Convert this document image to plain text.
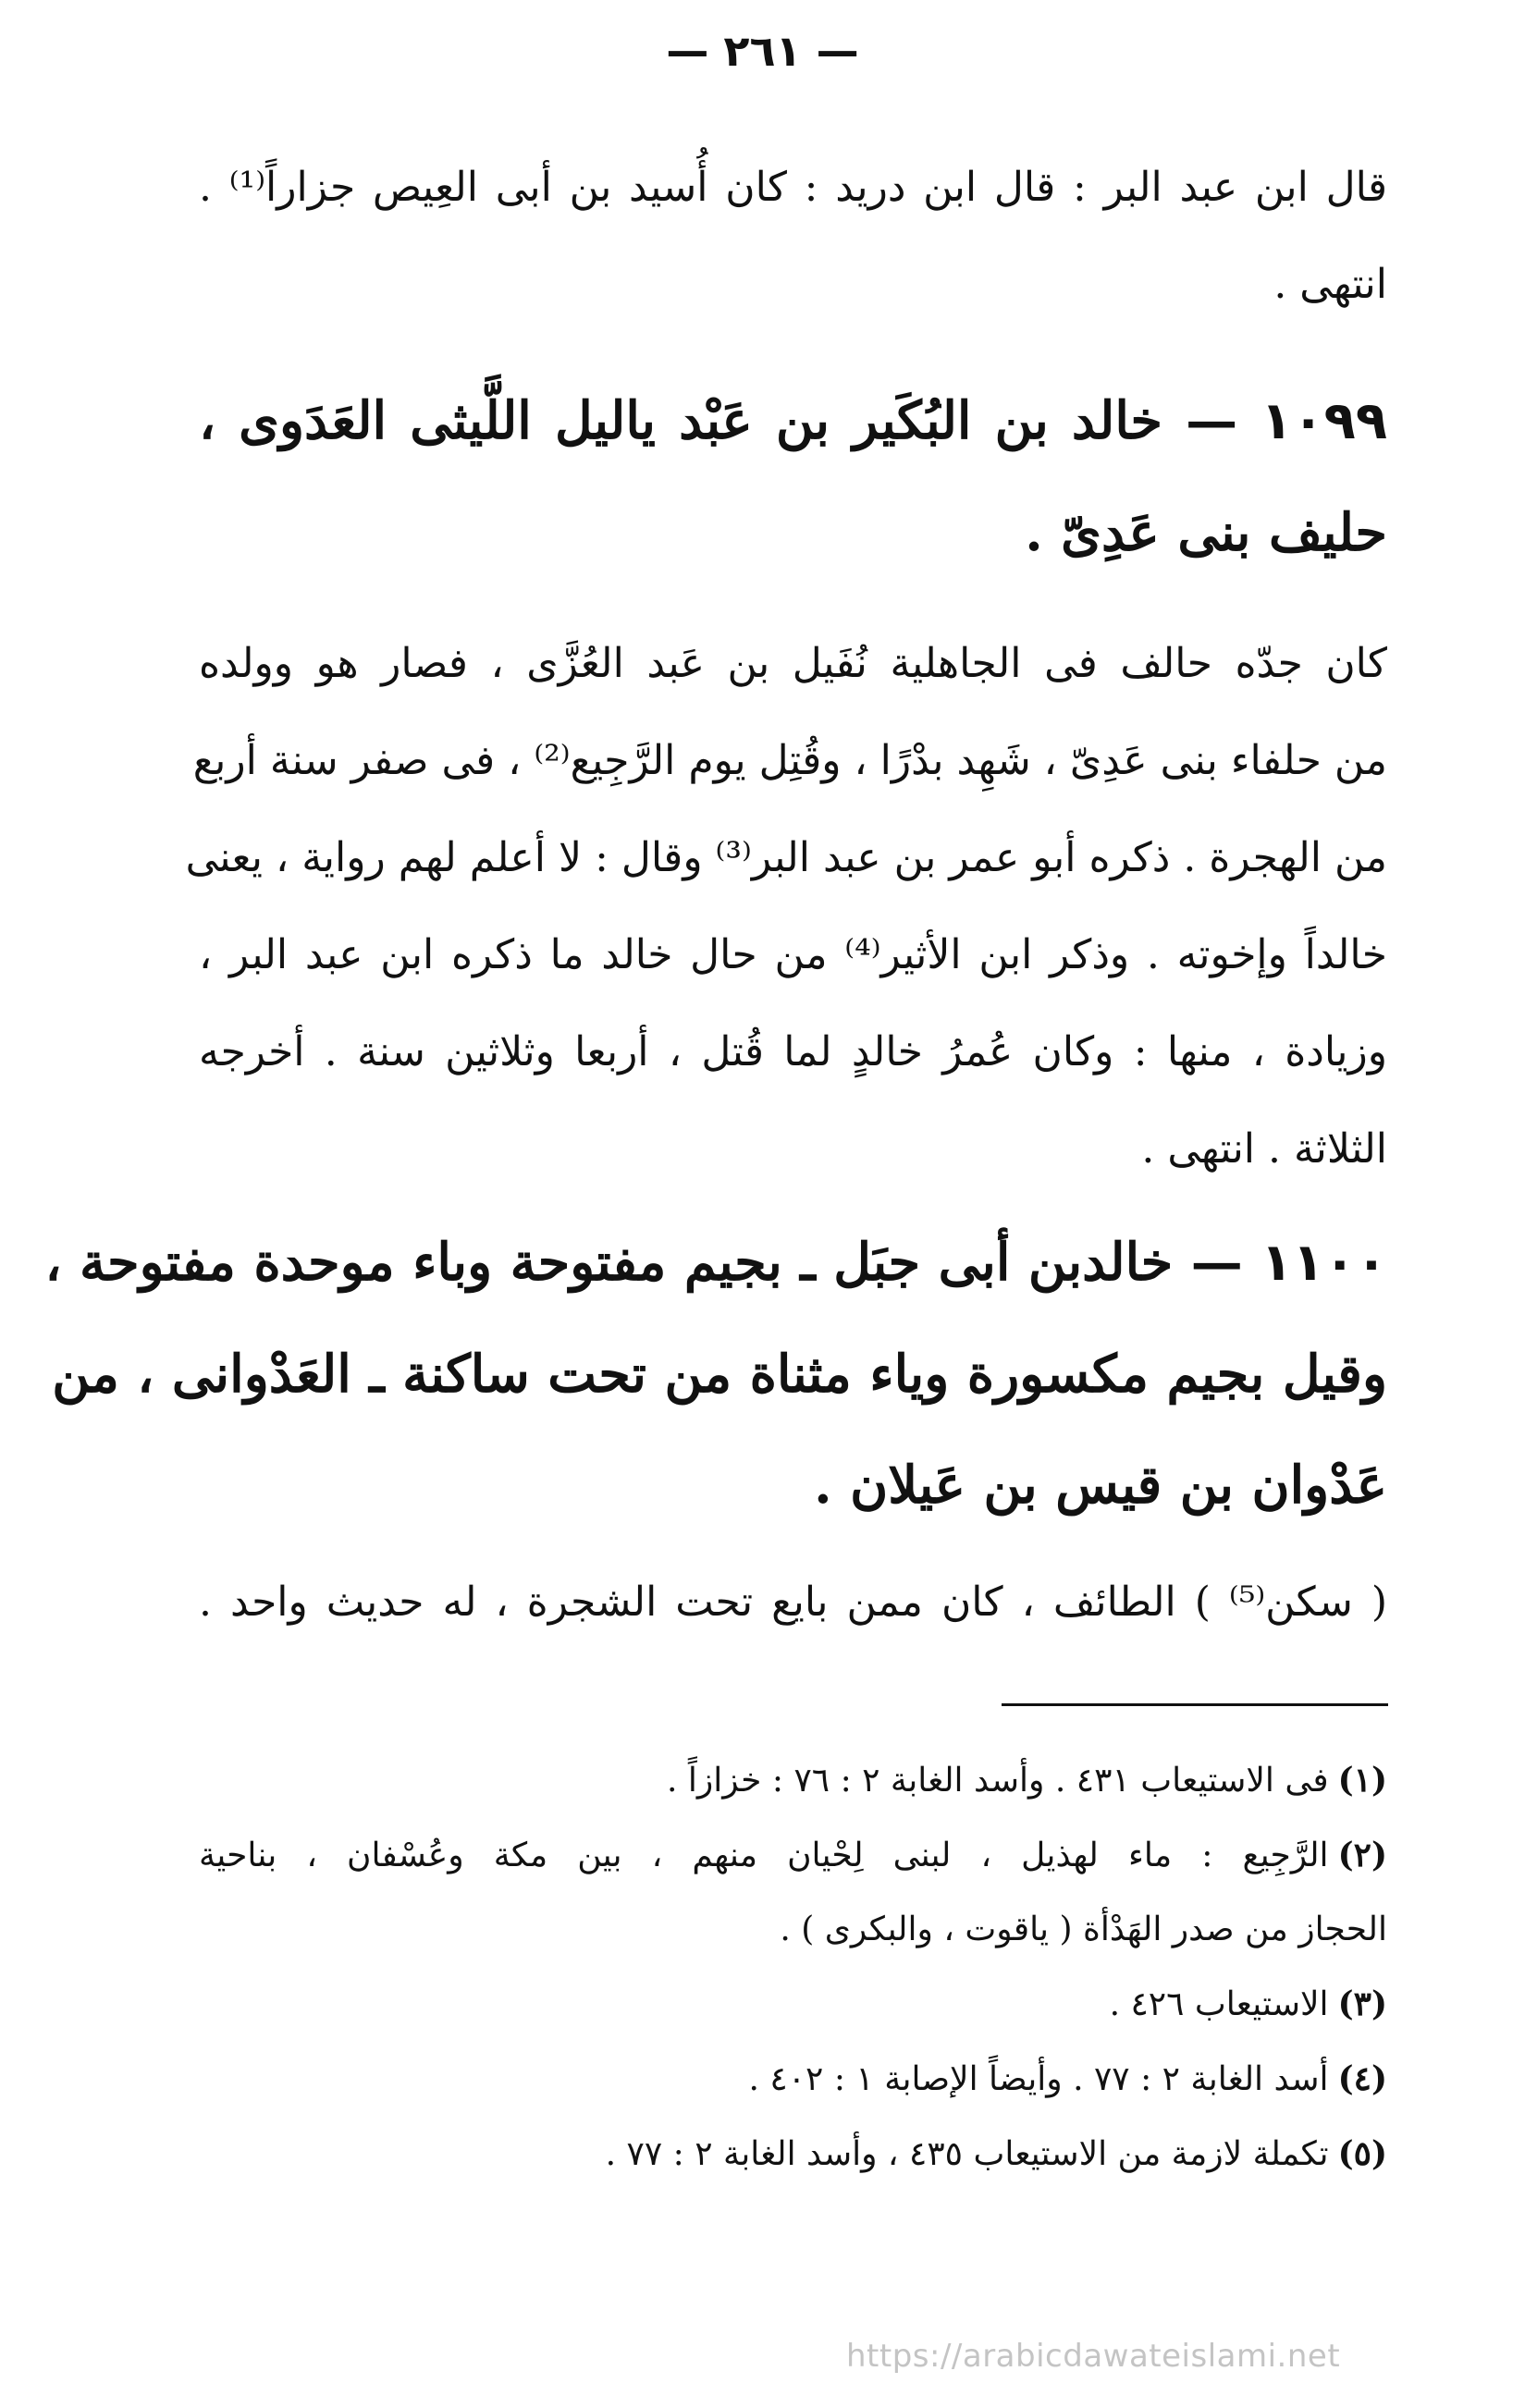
— ٢٦١ —
قال ابن عبد البر : قال ابن دريد : كان أُسيد بن أبى العِيص جزاراً⁽¹⁾ .
انتهى .
١٠٩٩ — خالد بن البُكَير بن عَبْد ياليل اللَّيثى العَدَوى ،
حليف بنى عَدِىّ .
كان جدّه حالف فى الجاهلية نُفَيل بن عَبد العُزَّى ، فصار هو وولده
من حلفاء بنى عَدِىّ ، شَهِد بدْرًا ، وقُتِل يوم الرَّجِيع⁽²⁾ ، فى صفر سنة أربع
من الهجرة . ذكره أبو عمر بن عبد البر⁽³⁾ وقال : لا أعلم لهم رواية ، يعنى
خالداً وإخوته . وذكر ابن الأثير⁽⁴⁾ من حال خالد ما ذكره ابن عبد البر ،
وزيادة ، منها : وكان عُمرُ خالدٍ لما قُتل ، أربعا وثلاثين سنة . أخرجه
الثلاثة . انتهى .
١١٠٠ — خالدبن أبى جبَل ـ بجيم مفتوحة وباء موحدة مفتوحة ،
وقيل بجيم مكسورة وياء مثناة من تحت ساكنة ـ العَدْوانى ، من
عَدْوان بن قيس بن عَيلان .
( سكن⁽⁵⁾ ) الطائف ، كان ممن بايع تحت الشجرة ، له حديث واحد .
(١)فى الاستيعاب ٤٣١ . وأسد الغابة ٢ : ٧٦ : خزازاً .
(٢)الرَّجِيع : ماء لهذيل ، لبنى لِحْيان منهم ، بين مكة وعُسْفان ، بناحية
الحجاز من صدر الهَدْأة ( ياقوت ، والبكرى ) .
(٣)الاستيعاب ٤٢٦ .
(٤)أسد الغابة ٢ : ٧٧ . وأيضاً الإصابة ١ : ٤٠٢ .
(٥)تكملة لازمة من الاستيعاب ٤٣٥ ، وأسد الغابة ٢ : ٧٧ .
https://arabicdawateislami.net
